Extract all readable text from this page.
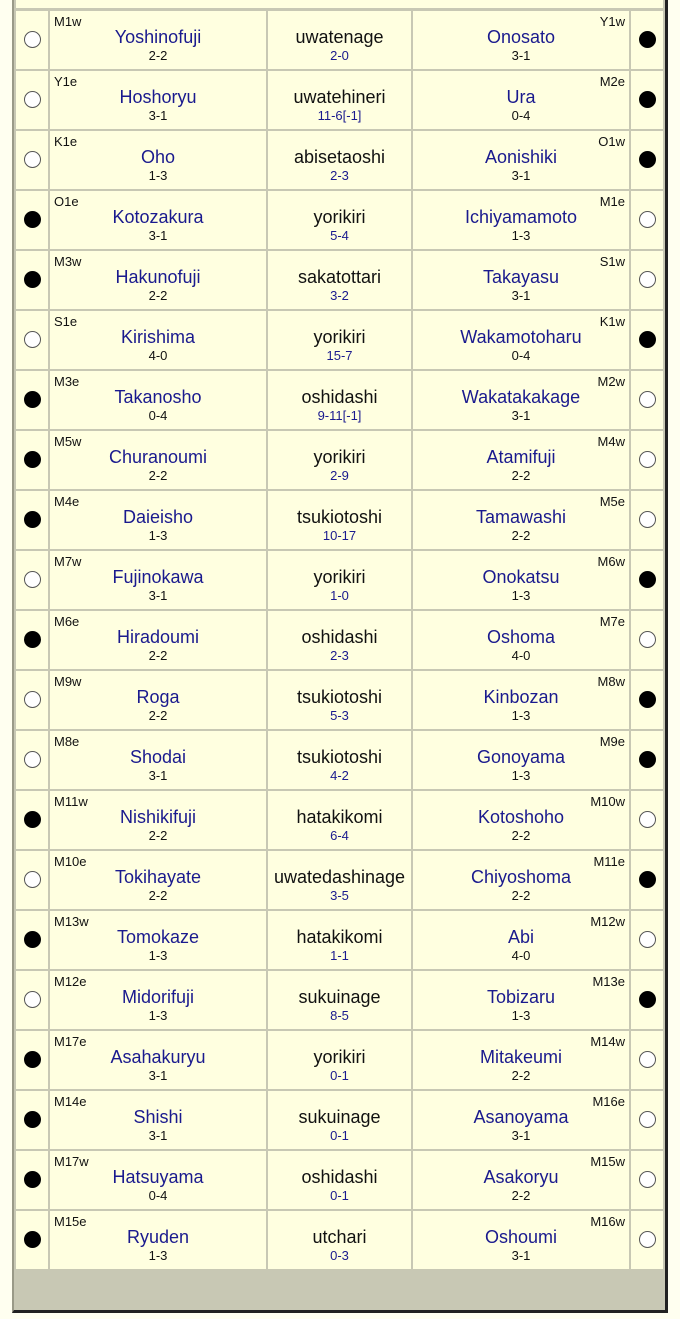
	M1w
Yoshinofuji
2-2	uwatenage
2-0	Y1w
Onosato
3-1	

	Y1e
Hoshoryu
3-1	uwatehineri
11-6[-1]	M2e
Ura
0-4	

	K1e
Oho
1-3	abisetaoshi
2-3	O1w
Aonishiki
3-1	

	O1e
Kotozakura
3-1	yorikiri
5-4	M1e
Ichiyamamoto
1-3	

	M3w
Hakunofuji
2-2	sakatottari
3-2	S1w
Takayasu
3-1	

	S1e
Kirishima
4-0	yorikiri
15-7	K1w
Wakamotoharu
0-4	

	M3e
Takanosho
0-4	oshidashi
9-11[-1]	M2w
Wakatakakage
3-1	

	M5w
Churanoumi
2-2	yorikiri
2-9	M4w
Atamifuji
2-2	

	M4e
Daieisho
1-3	tsukiotoshi
10-17	M5e
Tamawashi
2-2	

	M7w
Fujinokawa
3-1	yorikiri
1-0	M6w
Onokatsu
1-3	

	M6e
Hiradoumi
2-2	oshidashi
2-3	M7e
Oshoma
4-0	

	M9w
Roga
2-2	tsukiotoshi
5-3	M8w
Kinbozan
1-3	

	M8e
Shodai
3-1	tsukiotoshi
4-2	M9e
Gonoyama
1-3	

	M11w
Nishikifuji
2-2	hatakikomi
6-4	M10w
Kotoshoho
2-2	

	M10e
Tokihayate
2-2	uwatedashinage
3-5	M11e
Chiyoshoma
2-2	

	M13w
Tomokaze
1-3	hatakikomi
1-1	M12w
Abi
4-0	

	M12e
Midorifuji
1-3	sukuinage
8-5	M13e
Tobizaru
1-3	

	M17e
Asahakuryu
3-1	yorikiri
0-1	M14w
Mitakeumi
2-2	

	M14e
Shishi
3-1	sukuinage
0-1	M16e
Asanoyama
3-1	

	M17w
Hatsuyama
0-4	oshidashi
0-1	M15w
Asakoryu
2-2	

	M15e
Ryuden
1-3	utchari
0-3	M16w
Oshoumi
3-1	
